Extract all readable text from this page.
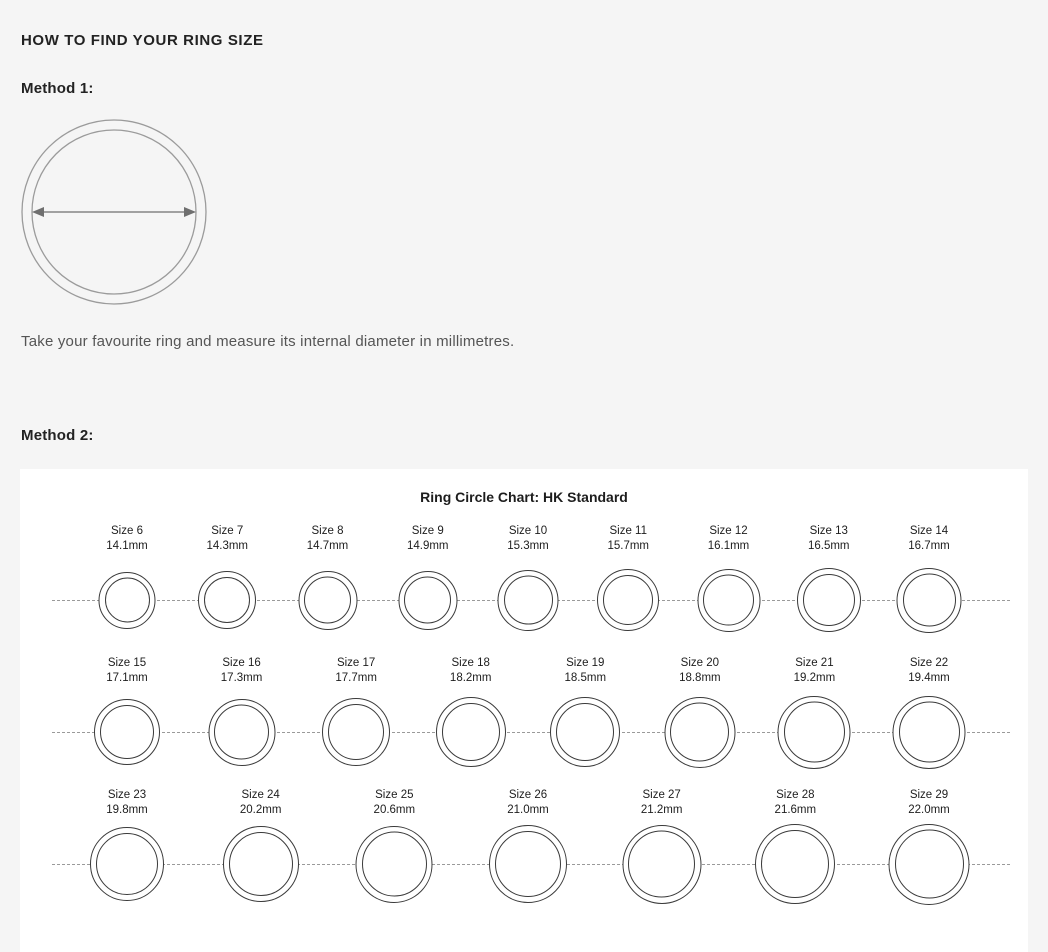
HOW TO FIND YOUR RING SIZE
Method 1:
Take your favourite ring and measure its internal diameter in millimetres.
Method 2:
Ring Circle Chart: HK Standard
Size 6
14.1mm
Size 7
14.3mm
Size 8
14.7mm
Size 9
14.9mm
Size 10
15.3mm
Size 11
15.7mm
Size 12
16.1mm
Size 13
16.5mm
Size 14
16.7mm
Size 15
17.1mm
Size 16
17.3mm
Size 17
17.7mm
Size 18
18.2mm
Size 19
18.5mm
Size 20
18.8mm
Size 21
19.2mm
Size 22
19.4mm
Size 23
19.8mm
Size 24
20.2mm
Size 25
20.6mm
Size 26
21.0mm
Size 27
21.2mm
Size 28
21.6mm
Size 29
22.0mm
